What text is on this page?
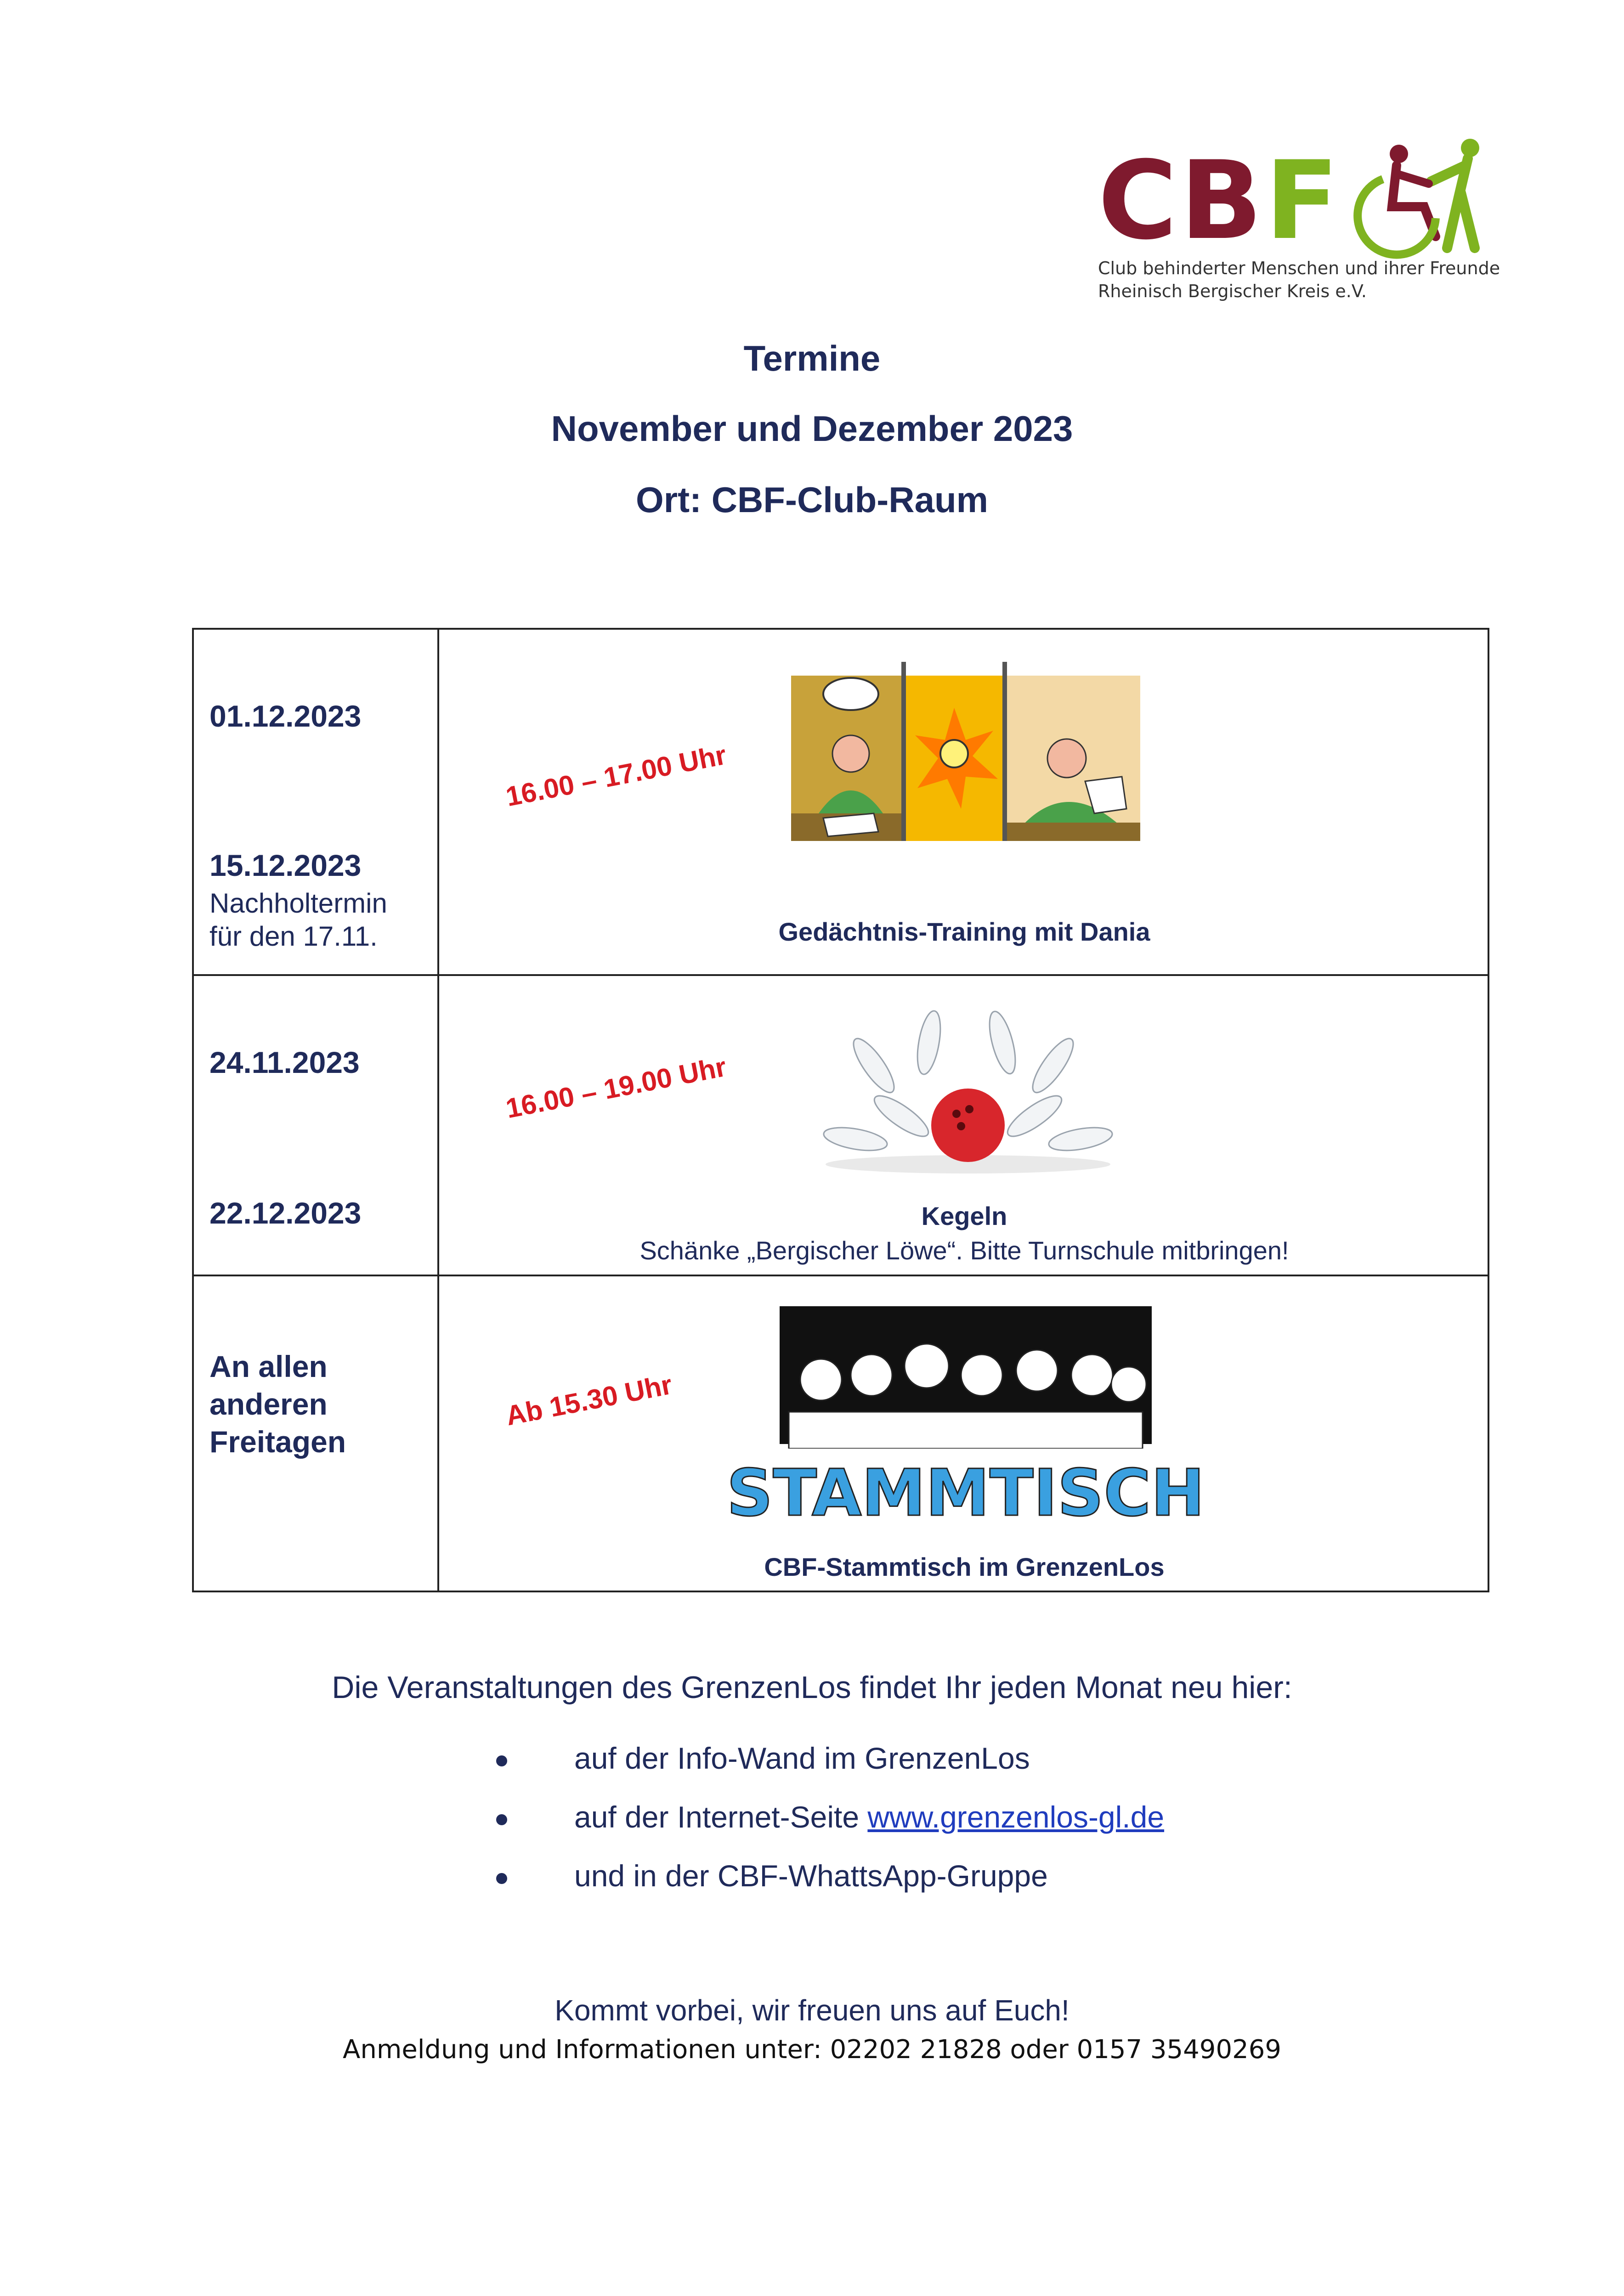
CBF
Club behinderter Menschen und ihrer Freunde
Rheinisch Bergischer Kreis e.V.
Termine
November und Dezember 2023
Ort: CBF-Club-Raum
01.12.2023
15.12.2023
Nachholtermin
für den 17.11.
16.00 – 17.00 Uhr
Gedächtnis-Training mit Dania
24.11.2023
22.12.2023
16.00 – 19.00 Uhr
Kegeln
Schänke „Bergischer Löwe“. Bitte Turnschule mitbringen!
An allen
anderen
Freitagen
Ab 15.30 Uhr
STAMMTISCH
CBF-Stammtisch im GrenzenLos
Die Veranstaltungen des GrenzenLos findet Ihr jeden Monat neu hier:
auf der Info-Wand im GrenzenLos
auf der Internet-Seite www.grenzenlos-gl.de
und in der CBF-WhattsApp-Gruppe
Kommt vorbei, wir freuen uns auf Euch!
Anmeldung und Informationen unter: 02202 21828 oder 0157 35490269
